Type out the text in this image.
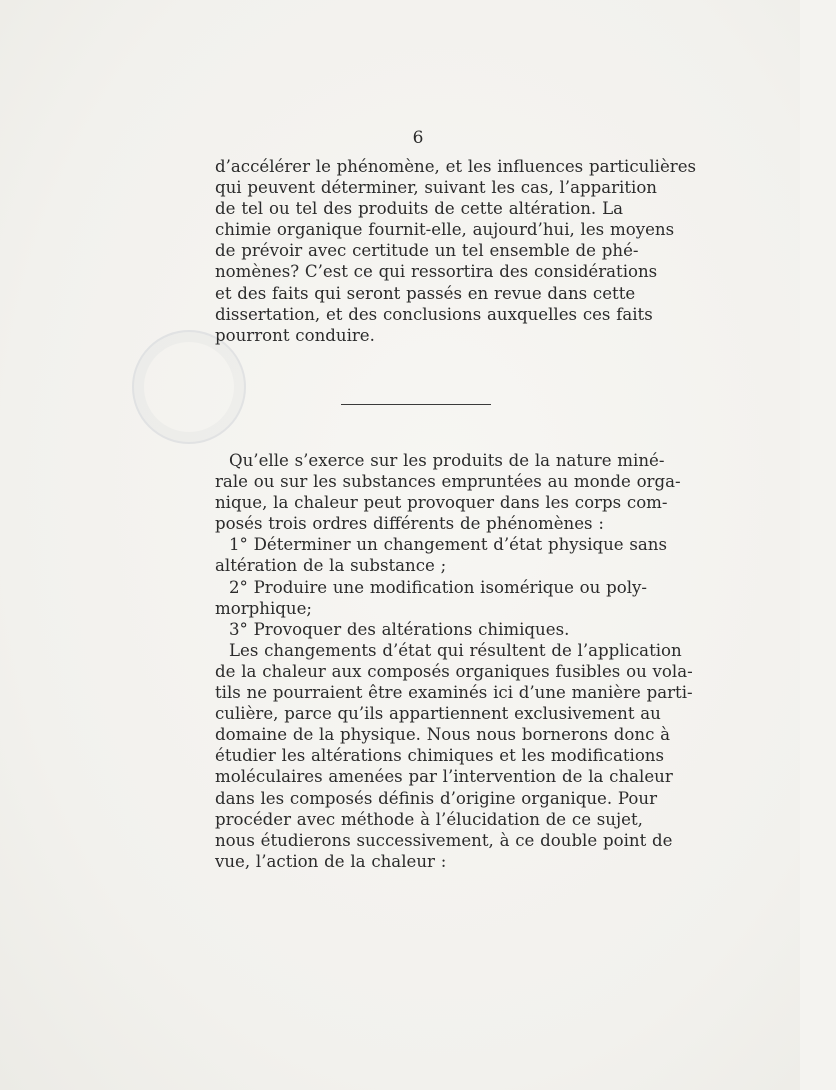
6
d’accélérer le phénomène, et les influences particulières
qui peuvent déterminer, suivant les cas, l’apparition
de tel ou tel des produits de cette altération. La
chimie organique fournit-elle, aujourd’hui, les moyens
de prévoir avec certitude un tel ensemble de phé-
nomènes? C’est ce qui ressortira des considérations
et des faits qui seront passés en revue dans cette
dissertation, et des conclusions auxquelles ces faits
pourront conduire.
Qu’elle s’exerce sur les produits de la nature miné-
rale ou sur les substances empruntées au monde orga-
nique, la chaleur peut provoquer dans les corps com-
posés trois ordres différents de phénomènes :
1° Déterminer un changement d’état physique sans
altération de la substance ;
2° Produire une modification isomérique ou poly-
morphique;
3° Provoquer des altérations chimiques.
Les changements d’état qui résultent de l’application
de la chaleur aux composés organiques fusibles ou vola-
tils ne pourraient être examinés ici d’une manière parti-
culière, parce qu’ils appartiennent exclusivement au
domaine de la physique. Nous nous bornerons donc à
étudier les altérations chimiques et les modifications
moléculaires amenées par l’intervention de la chaleur
dans les composés définis d’origine organique. Pour
procéder avec méthode à l’élucidation de ce sujet,
nous étudierons successivement, à ce double point de
vue, l’action de la chaleur :
